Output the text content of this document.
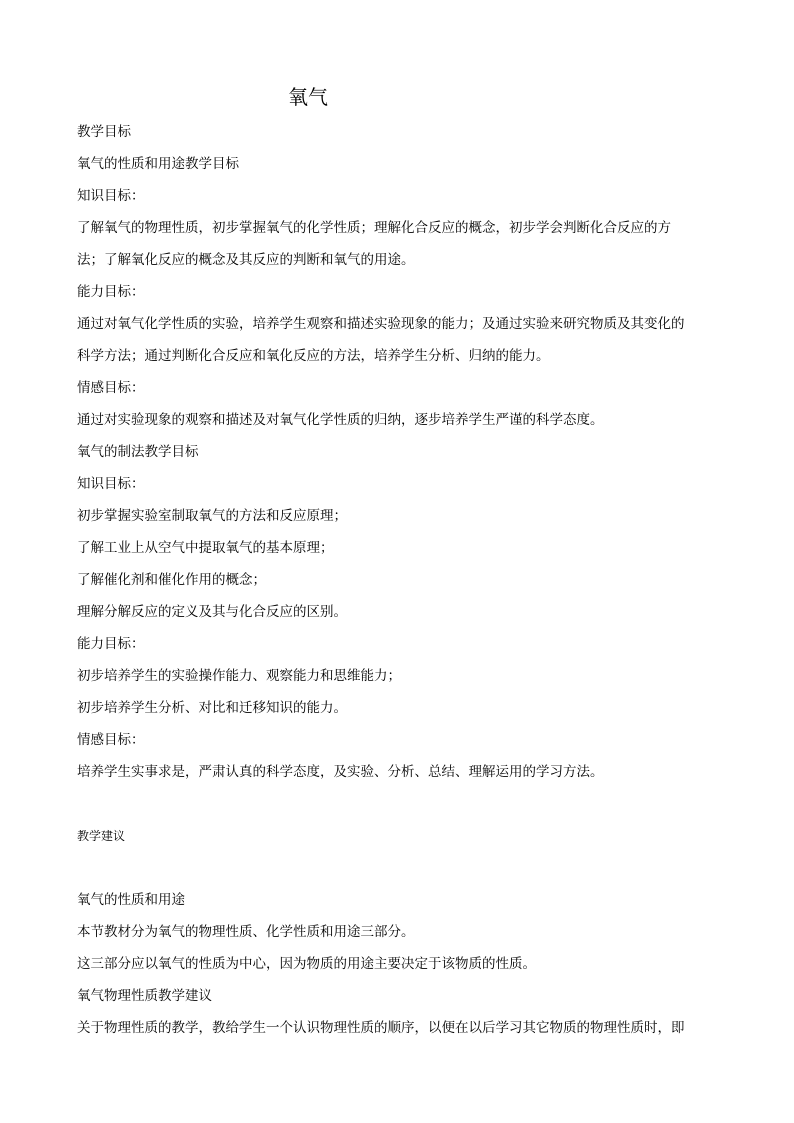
氧气
教学目标
氧气的性质和用途教学目标
知识目标：
了解氧气的物理性质，初步掌握氧气的化学性质；理解化合反应的概念，初步学会判断化合反应的方
法；了解氧化反应的概念及其反应的判断和氧气的用途。
能力目标：
通过对氧气化学性质的实验，培养学生观察和描述实验现象的能力；及通过实验来研究物质及其变化的
科学方法；通过判断化合反应和氧化反应的方法，培养学生分析、归纳的能力。
情感目标：
通过对实验现象的观察和描述及对氧气化学性质的归纳，逐步培养学生严谨的科学态度。
氧气的制法教学目标
知识目标：
初步掌握实验室制取氧气的方法和反应原理；
了解工业上从空气中提取氧气的基本原理；
了解催化剂和催化作用的概念；
理解分解反应的定义及其与化合反应的区别。
能力目标：
初步培养学生的实验操作能力、观察能力和思维能力；
初步培养学生分析、对比和迁移知识的能力。
情感目标：
培养学生实事求是，严肃认真的科学态度，及实验、分析、总结、理解运用的学习方法。
教学建议
氧气的性质和用途
本节教材分为氧气的物理性质、化学性质和用途三部分。
这三部分应以氧气的性质为中心，因为物质的用途主要决定于该物质的性质。
氧气物理性质教学建议
关于物理性质的教学，教给学生一个认识物理性质的顺序，以便在以后学习其它物质的物理性质时，即
